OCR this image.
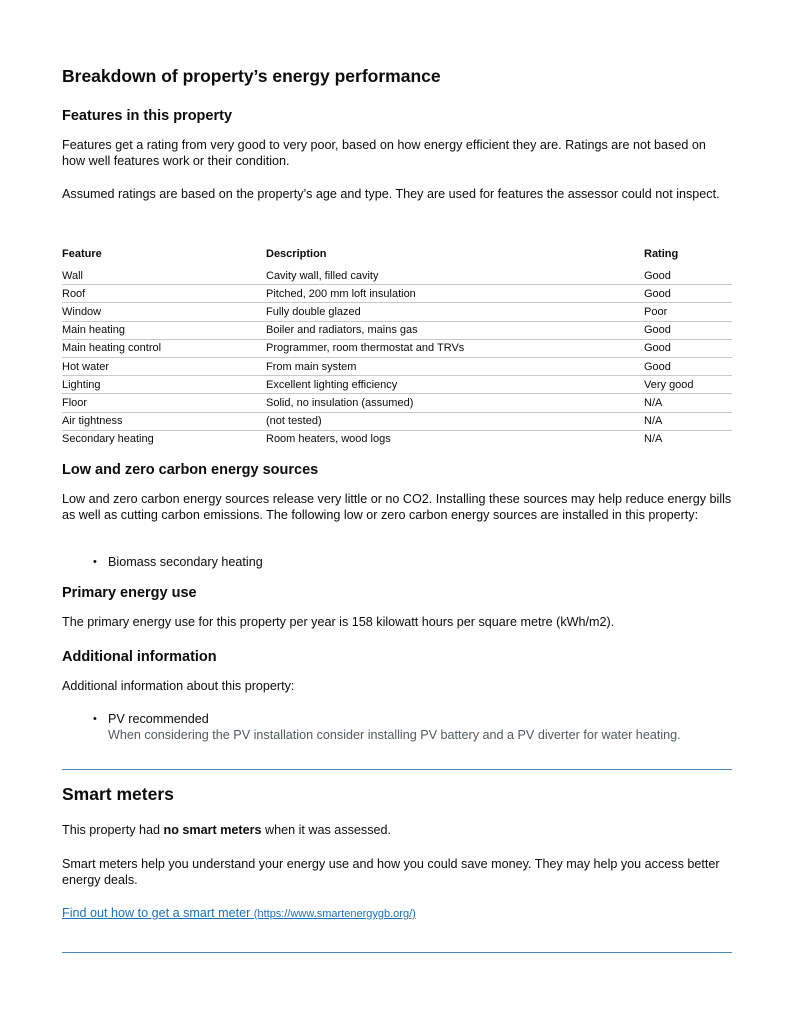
Breakdown of property’s energy performance
Features in this property

Features get a rating from very good to very poor, based on how energy efficient they are. Ratings are not based on how well features work or their condition.

Assumed ratings are based on the property’s age and type. They are used for features the assessor could not inspect.

Feature	Description	Rating
Wall	Cavity wall, filled cavity	Good
Roof	Pitched, 200 mm loft insulation	Good
Window	Fully double glazed	Poor
Main heating	Boiler and radiators, mains gas	Good
Main heating control	Programmer, room thermostat and TRVs	Good
Hot water	From main system	Good
Lighting	Excellent lighting efficiency	Very good
Floor	Solid, no insulation (assumed)	N/A
Air tightness	(not tested)	N/A
Secondary heating	Room heaters, wood logs	N/A
Low and zero carbon energy sources

Low and zero carbon energy sources release very little or no CO2. Installing these sources may help reduce energy bills as well as cutting carbon emissions. The following low or zero carbon energy sources are installed in this property:

• Biomass secondary heating
Primary energy use

The primary energy use for this property per year is 158 kilowatt hours per square metre (kWh/m2).

Additional information

Additional information about this property:

• PV recommended
When considering the PV installation consider installing PV battery and a PV diverter for water heating.
Smart meters

This property had no smart meters when it was assessed.

Smart meters help you understand your energy use and how you could save money. They may help you access better energy deals.

Find out how to get a smart meter (https://www.smartenergygb.org/)
